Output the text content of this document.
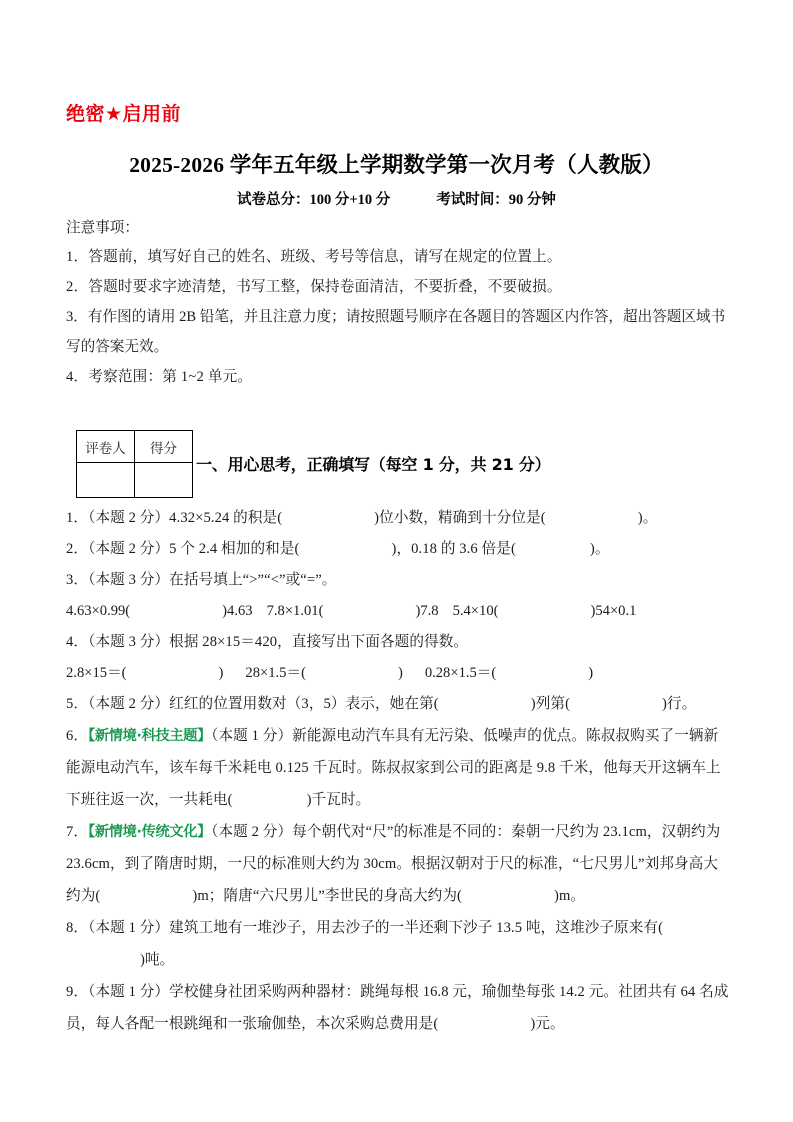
绝密★启用前
2025-2026 学年五年级上学期数学第一次月考（人教版）
试卷总分：100 分+10 分	考试时间：90 分钟
注意事项：
1．答题前，填写好自己的姓名、班级、考号等信息，请写在规定的位置上。
2．答题时要求字迹清楚，书写工整，保持卷面清洁，不要折叠，不要破损。
3．有作图的请用 2B 铅笔，并且注意力度；请按照题号顺序在各题目的答题区内作答，超出答题区域书写的答案无效。
4．考察范围：第 1~2 单元。
评卷人	得分

一、用心思考，正确填写（每空 1 分，共 21 分）
1．（本题 2 分）4.32×5.24 的积是(	)位小数，精确到十分位是(	)。
2．（本题 2 分）5 个 2.4 相加的和是(	)，0.18 的 3.6 倍是(	)。
3．（本题 3 分）在括号填上“>”“<”或“=”。
4.63×0.99(	)4.63 7.8×1.01(	)7.8 5.4×10(	)54×0.1
4．（本题 3 分）根据 28×15＝420，直接写出下面各题的得数。
2.8×15＝(	) 28×1.5＝(	) 0.28×1.5＝(	)
5．（本题 2 分）红红的位置用数对（3，5）表示，她在第(	)列第(	)行。
6．【新情境·科技主题】（本题 1 分）新能源电动汽车具有无污染、低噪声的优点。陈叔叔购买了一辆新能源电动汽车，该车每千米耗电 0.125 千瓦时。陈叔叔家到公司的距离是 9.8 千米，他每天开这辆车上下班往返一次，一共耗电(	)千瓦时。
7．【新情境·传统文化】（本题 2 分）每个朝代对“尺”的标准是不同的：秦朝一尺约为 23.1cm，汉朝约为 23.6cm，到了隋唐时期，一尺的标准则大约为 30cm。根据汉朝对于尺的标准，“七尺男儿”刘邦身高大约为(	)m；隋唐“六尺男儿”李世民的身高大约为(	)m。
8．（本题 1 分）建筑工地有一堆沙子，用去沙子的一半还剩下沙子 13.5 吨，这堆沙子原来有()吨。
9．（本题 1 分）学校健身社团采购两种器材：跳绳每根 16.8 元，瑜伽垫每张 14.2 元。社团共有 64 名成员，每人各配一根跳绳和一张瑜伽垫，本次采购总费用是(	)元。
